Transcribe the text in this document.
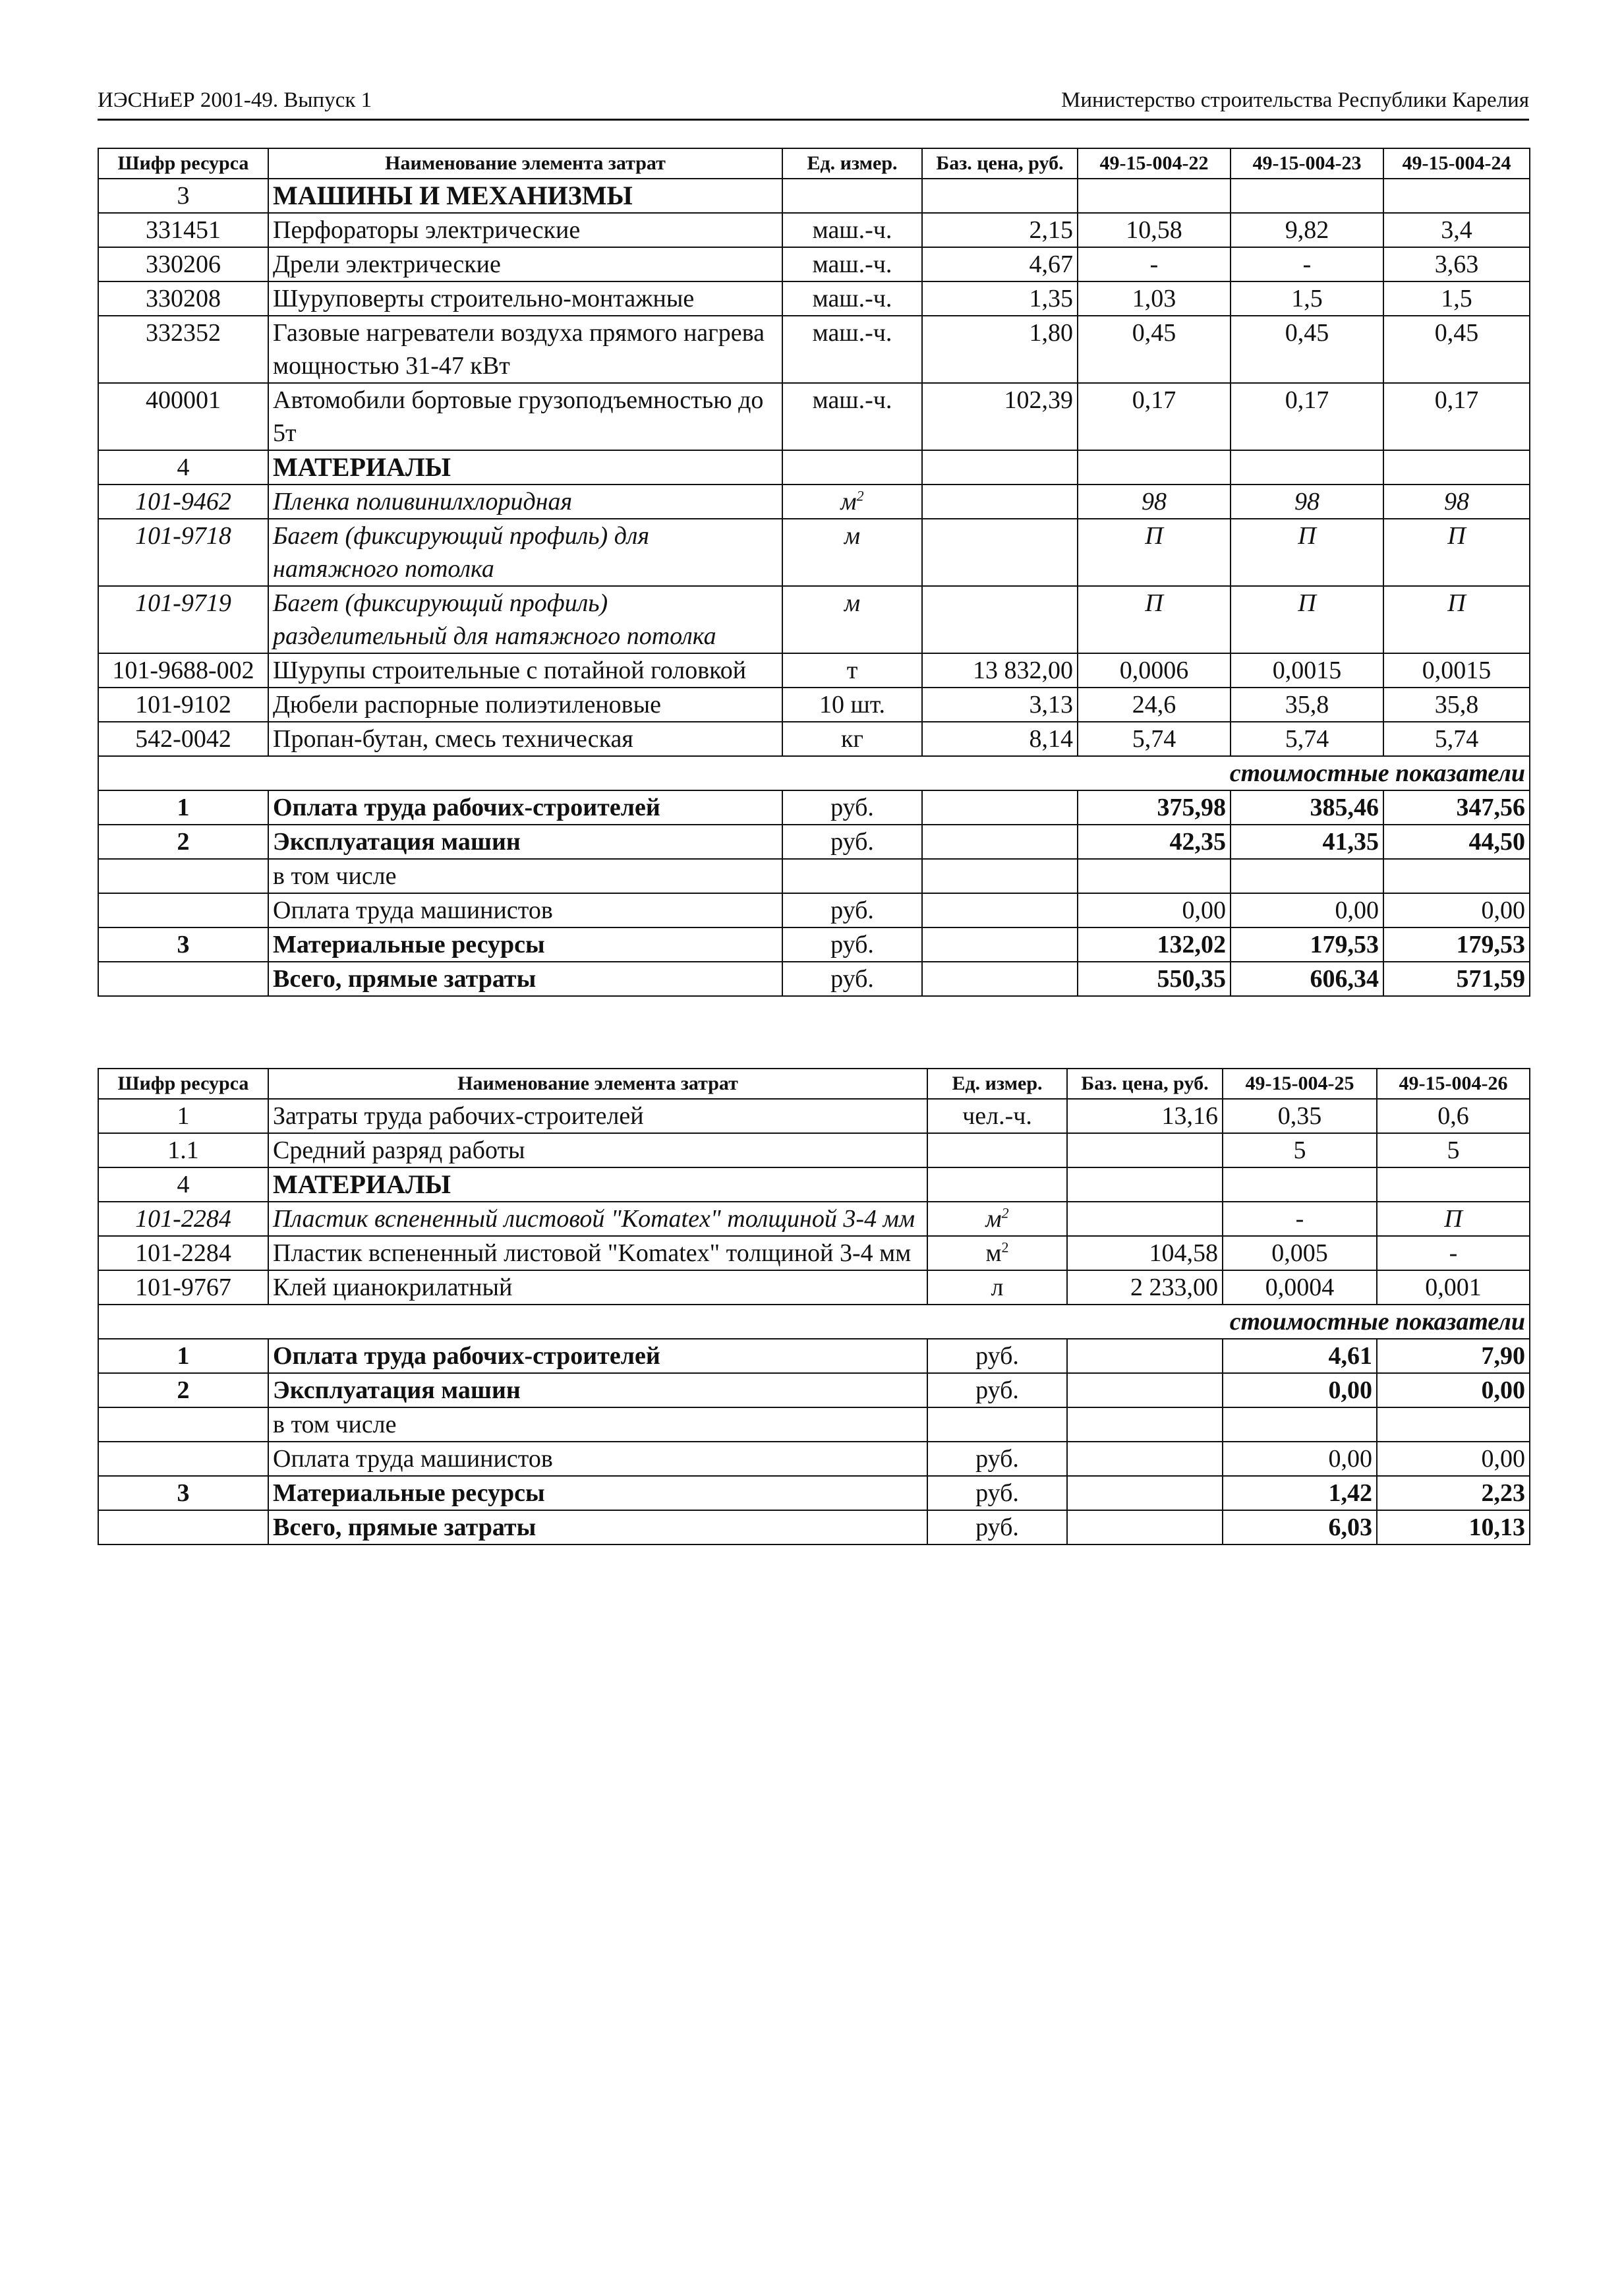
ИЭСНиЕР 2001-49. Выпуск 1	Министерство строительства Республики Карелия
Шифр ресурса	Наименование элемента затрат	Ед. измер.	Баз. цена, руб.	49-15-004-22	49-15-004-23	49-15-004-24
3	МАШИНЫ И МЕХАНИЗМЫ					
331451	Перфораторы электрические	маш.-ч.	2,15	10,58	9,82	3,4
330206	Дрели электрические	маш.-ч.	4,67	-	-	3,63
330208	Шуруповерты строительно-монтажные	маш.-ч.	1,35	1,03	1,5	1,5
332352	Газовые нагреватели воздуха прямого нагрева мощностью 31-47 кВт	маш.-ч.	1,80	0,45	0,45	0,45
400001	Автомобили бортовые грузоподъемностью до 5т	маш.-ч.	102,39	0,17	0,17	0,17
4	МАТЕРИАЛЫ					
101-9462	Пленка поливинилхлоридная	$м^2$		98	98	98
101-9718	Багет (фиксирующий профиль) для натяжного потолка	м		П	П	П
101-9719	Багет (фиксирующий профиль) разделительный для натяжного потолка	м		П	П	П
101-9688-002	Шурупы строительные с потайной головкой	т	13 832,00	0,0006	0,0015	0,0015
101-9102	Дюбели распорные полиэтиленовые	10 шт.	3,13	24,6	35,8	35,8
542-0042	Пропан-бутан, смесь техническая	кг	8,14	5,74	5,74	5,74
стоимостные показатели						
1	Оплата труда рабочих-строителей	руб.		375,98	385,46	347,56
2	Эксплуатация машин	руб.		42,35	41,35	44,50
	в том числе					
	Оплата труда машинистов	руб.		0,00	0,00	0,00
3	Материальные ресурсы	руб.		132,02	179,53	179,53
	Всего, прямые затраты	руб.		550,35	606,34	571,59
Шифр ресурса	Наименование элемента затрат	Ед. измер.	Баз. цена, руб.	49-15-004-25	49-15-004-26
1	Затраты труда рабочих-строителей	чел.-ч.	13,16	0,35	0,6
1.1	Средний разряд работы			5	5
4	МАТЕРИАЛЫ				
101-2284	Пластик вспененный листовой "Komatex" толщиной 3-4 мм	$м^2$		-	П
101-2284	Пластик вспененный листовой "Komatex" толщиной 3-4 мм	$м^2$	104,58	0,005	-
101-9767	Клей цианокрилатный	л	2 233,00	0,0004	0,001
стоимостные показатели					
1	Оплата труда рабочих-строителей	руб.		4,61	7,90
2	Эксплуатация машин	руб.		0,00	0,00
	в том числе				
	Оплата труда машинистов	руб.		0,00	0,00
3	Материальные ресурсы	руб.		1,42	2,23
	Всего, прямые затраты	руб.		6,03	10,13
